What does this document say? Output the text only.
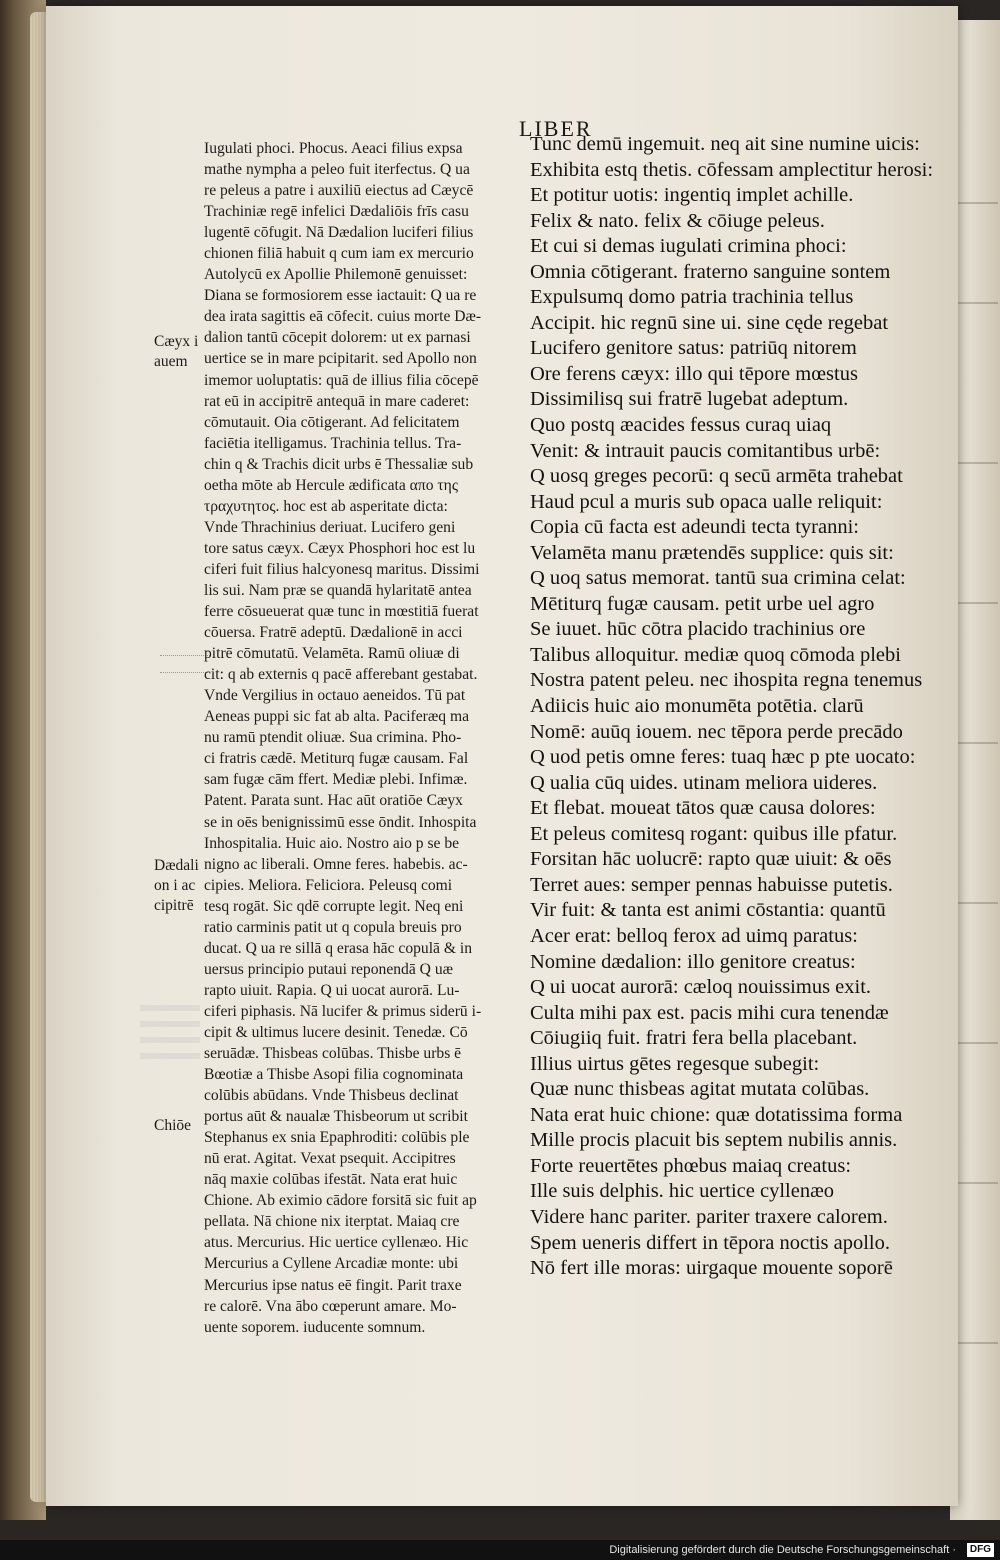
LIBER
Cæyx i
auem
Dædali
on i ac
cipitrē
Chiōe
Iugulati phoci. Phocus. Aeaci filius expsa
mathe nympha a peleo fuit iterfectus. Q ua
re peleus a patre i auxiliū eiectus ad Cæycē
Trachiniæ regē infelici Dædaliōis frīs casu
lugentē cōfugit. Nā Dædalion luciferi filius
chionen filiā habuit q cum iam ex mercurio
Autolycū ex Apollie Philemonē genuisset:
Diana se formosiorem esse iactauit: Q ua re
dea irata sagittis eā cōfecit. cuius morte Dæ-
dalion tantū cōcepit dolorem: ut ex parnasi
uertice se in mare pcipitarit. sed Apollo non
imemor uoluptatis: quā de illius filia cōcepē
rat eū in accipitrē antequā in mare caderet:
cōmutauit. Oia cōtigerant. Ad felicitatem
faciētia itelligamus. Trachinia tellus. Tra-
chin q & Trachis dicit urbs ē Thessaliæ sub
oetha mōte ab Hercule ædificata απο της
τραχυτητος. hoc est ab asperitate dicta:
Vnde Thrachinius deriuat. Lucifero geni
tore satus cæyx. Cæyx Phosphori hoc est lu
ciferi fuit filius halcyonesq maritus. Dissimi
lis sui. Nam præ se quandā hylaritatē antea
ferre cōsueuerat quæ tunc in mœstitiā fuerat
cōuersa. Fratrē adeptū. Dædalionē in acci
pitrē cōmutatū. Velamēta. Ramū oliuæ di
cit: q ab externis q pacē afferebant gestabat.
Vnde Vergilius in octauo aeneidos. Tū pat
Aeneas puppi sic fat ab alta. Paciferæq ma
nu ramū ptendit oliuæ. Sua crimina. Pho-
ci fratris cædē. Metiturq fugæ causam. Fal
sam fugæ cām ffert. Mediæ plebi. Infimæ.
Patent. Parata sunt. Hac aūt oratiōe Cæyx
se in oēs benignissimū esse ōndit. Inhospita
Inhospitalia. Huic aio. Nostro aio p se be
nigno ac liberali. Omne feres. habebis. ac-
cipies. Meliora. Feliciora. Peleusq comi
tesq rogāt. Sic qdē corrupte legit. Neq eni
ratio carminis patit ut q copula breuis pro
ducat. Q ua re sillā q erasa hāc copulā & in
uersus principio putaui reponendā Q uæ
rapto uiuit. Rapia. Q ui uocat aurorā. Lu-
ciferi piphasis. Nā lucifer & primus siderū i-
cipit & ultimus lucere desinit. Tenedæ. Cō
seruādæ. Thisbeas colūbas. Thisbe urbs ē
Bœotiæ a Thisbe Asopi filia cognominata
colūbis abūdans. Vnde Thisbeus declinat
portus aūt & naualæ Thisbeorum ut scribit
Stephanus ex snia Epaphroditi: colūbis ple
nū erat. Agitat. Vexat psequit. Accipitres
nāq maxie colūbas ifestāt. Nata erat huic
Chione. Ab eximio cādore forsitā sic fuit ap
pellata. Nā chione nix iterptat. Maiaq cre
atus. Mercurius. Hic uertice cyllenæo. Hic
Mercurius a Cyllene Arcadiæ monte: ubi
Mercurius ipse natus eē fingit. Parit traxe
re calorē. Vna ābo cœperunt amare. Mo-
uente soporem. iuducente somnum.
Tunc demū ingemuit. neq ait sine numine uicis:
Exhibita estq thetis. cōfessam amplectitur herosi:
Et potitur uotis: ingentiq implet achille.
Felix & nato. felix & cōiuge peleus.
Et cui si demas iugulati crimina phoci:
Omnia cōtigerant. fraterno sanguine sontem
Expulsumq domo patria trachinia tellus
Accipit. hic regnū sine ui. sine cęde regebat
Lucifero genitore satus: patriūq nitorem
Ore ferens cæyx: illo qui tēpore mœstus
Dissimilisq sui fratrē lugebat adeptum.
Quo postq æacides fessus curaq uiaq
Venit: & intrauit paucis comitantibus urbē:
Q uosq greges pecorū: q secū armēta trahebat
Haud pcul a muris sub opaca ualle reliquit:
Copia cū facta est adeundi tecta tyranni:
Velamēta manu prætendēs supplice: quis sit:
Q uoq satus memorat. tantū sua crimina celat:
Mētiturq fugæ causam. petit urbe uel agro
Se iuuet. hūc cōtra placido trachinius ore
Talibus alloquitur. mediæ quoq cōmoda plebi
Nostra patent peleu. nec ihospita regna tenemus
Adiicis huic aio monumēta potētia. clarū
Nomē: auūq iouem. nec tēpora perde precādo
Q uod petis omne feres: tuaq hæc p pte uocato:
Q ualia cūq uides. utinam meliora uideres.
Et flebat. moueat tātos quæ causa dolores:
Et peleus comitesq rogant: quibus ille pfatur.
Forsitan hāc uolucrē: rapto quæ uiuit: & oēs
Terret aues: semper pennas habuisse putetis.
Vir fuit: & tanta est animi cōstantia: quantū
Acer erat: belloq ferox ad uimq paratus:
Nomine dædalion: illo genitore creatus:
Q ui uocat aurorā: cæloq nouissimus exit.
Culta mihi pax est. pacis mihi cura tenendæ
Cōiugiiq fuit. fratri fera bella placebant.
Illius uirtus gētes regesque subegit:
Quæ nunc thisbeas agitat mutata colūbas.
Nata erat huic chione: quæ dotatissima forma
Mille procis placuit bis septem nubilis annis.
Forte reuertētes phœbus maiaq creatus:
Ille suis delphis. hic uertice cyllenæo
Videre hanc pariter. pariter traxere calorem.
Spem ueneris differt in tēpora noctis apollo.
Nō fert ille moras: uirgaque mouente soporē
Digitalisierung gefördert durch die Deutsche Forschungsgemeinschaft ·	DFG
